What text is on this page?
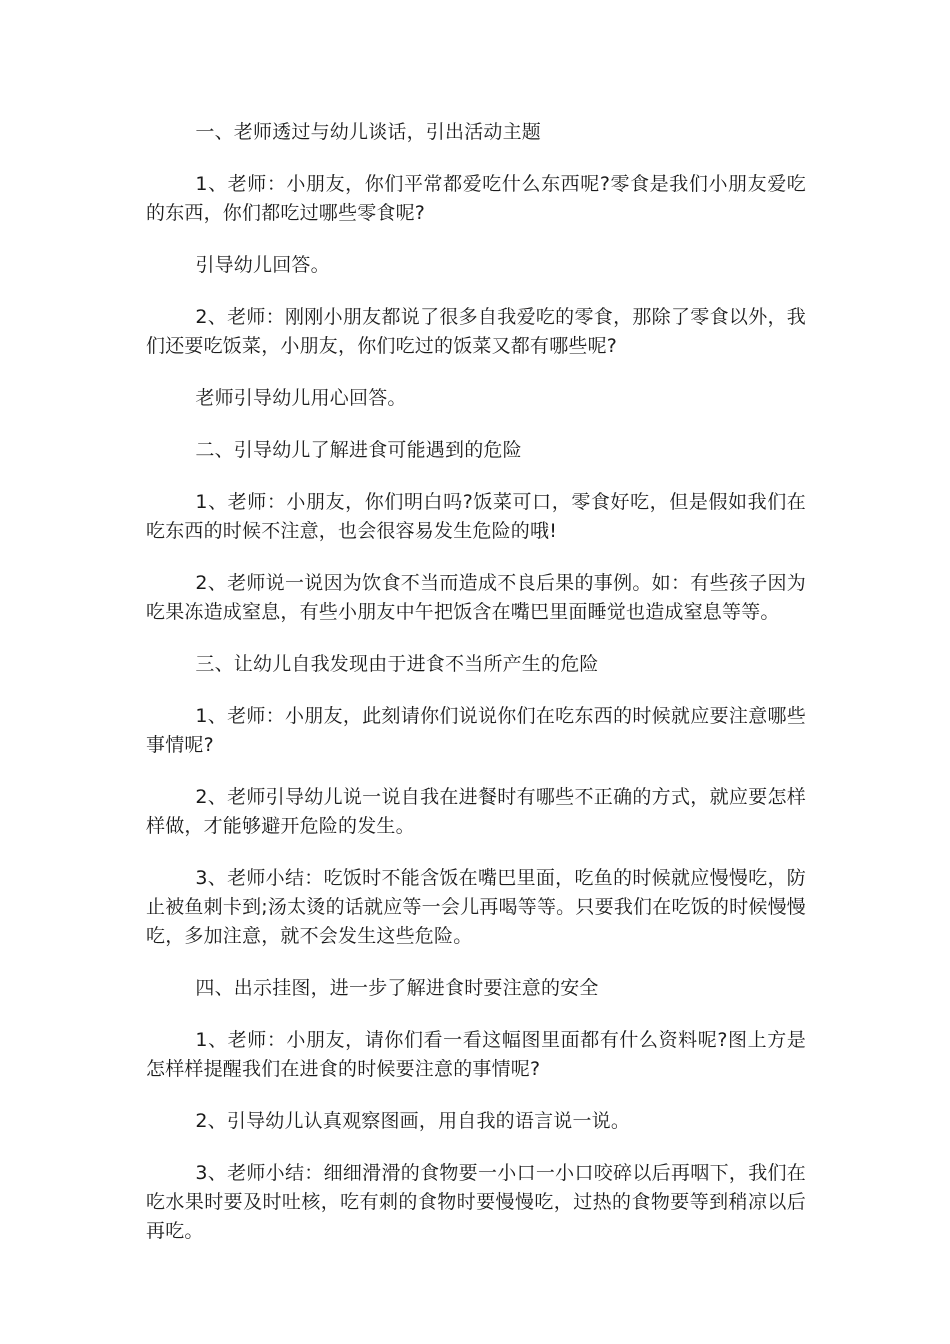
一、老师透过与幼儿谈话，引出活动主题

1、老师：小朋友，你们平常都爱吃什么东西呢?零食是我们小朋友爱吃的东西，你们都吃过哪些零食呢?

引导幼儿回答。

2、老师：刚刚小朋友都说了很多自我爱吃的零食，那除了零食以外，我们还要吃饭菜，小朋友，你们吃过的饭菜又都有哪些呢?

老师引导幼儿用心回答。

二、引导幼儿了解进食可能遇到的危险

1、老师：小朋友，你们明白吗?饭菜可口，零食好吃，但是假如我们在吃东西的时候不注意，也会很容易发生危险的哦!

2、老师说一说因为饮食不当而造成不良后果的事例。如：有些孩子因为吃果冻造成窒息，有些小朋友中午把饭含在嘴巴里面睡觉也造成窒息等等。

三、让幼儿自我发现由于进食不当所产生的危险

1、老师：小朋友，此刻请你们说说你们在吃东西的时候就应要注意哪些事情呢?

2、老师引导幼儿说一说自我在进餐时有哪些不正确的方式，就应要怎样样做，才能够避开危险的发生。

3、老师小结：吃饭时不能含饭在嘴巴里面，吃鱼的时候就应慢慢吃，防止被鱼刺卡到;汤太烫的话就应等一会儿再喝等等。只要我们在吃饭的时候慢慢吃，多加注意，就不会发生这些危险。

四、出示挂图，进一步了解进食时要注意的安全

1、老师：小朋友，请你们看一看这幅图里面都有什么资料呢?图上方是怎样样提醒我们在进食的时候要注意的事情呢?

2、引导幼儿认真观察图画，用自我的语言说一说。

3、老师小结：细细滑滑的食物要一小口一小口咬碎以后再咽下，我们在吃水果时要及时吐核，吃有刺的食物时要慢慢吃，过热的食物要等到稍凉以后再吃。
